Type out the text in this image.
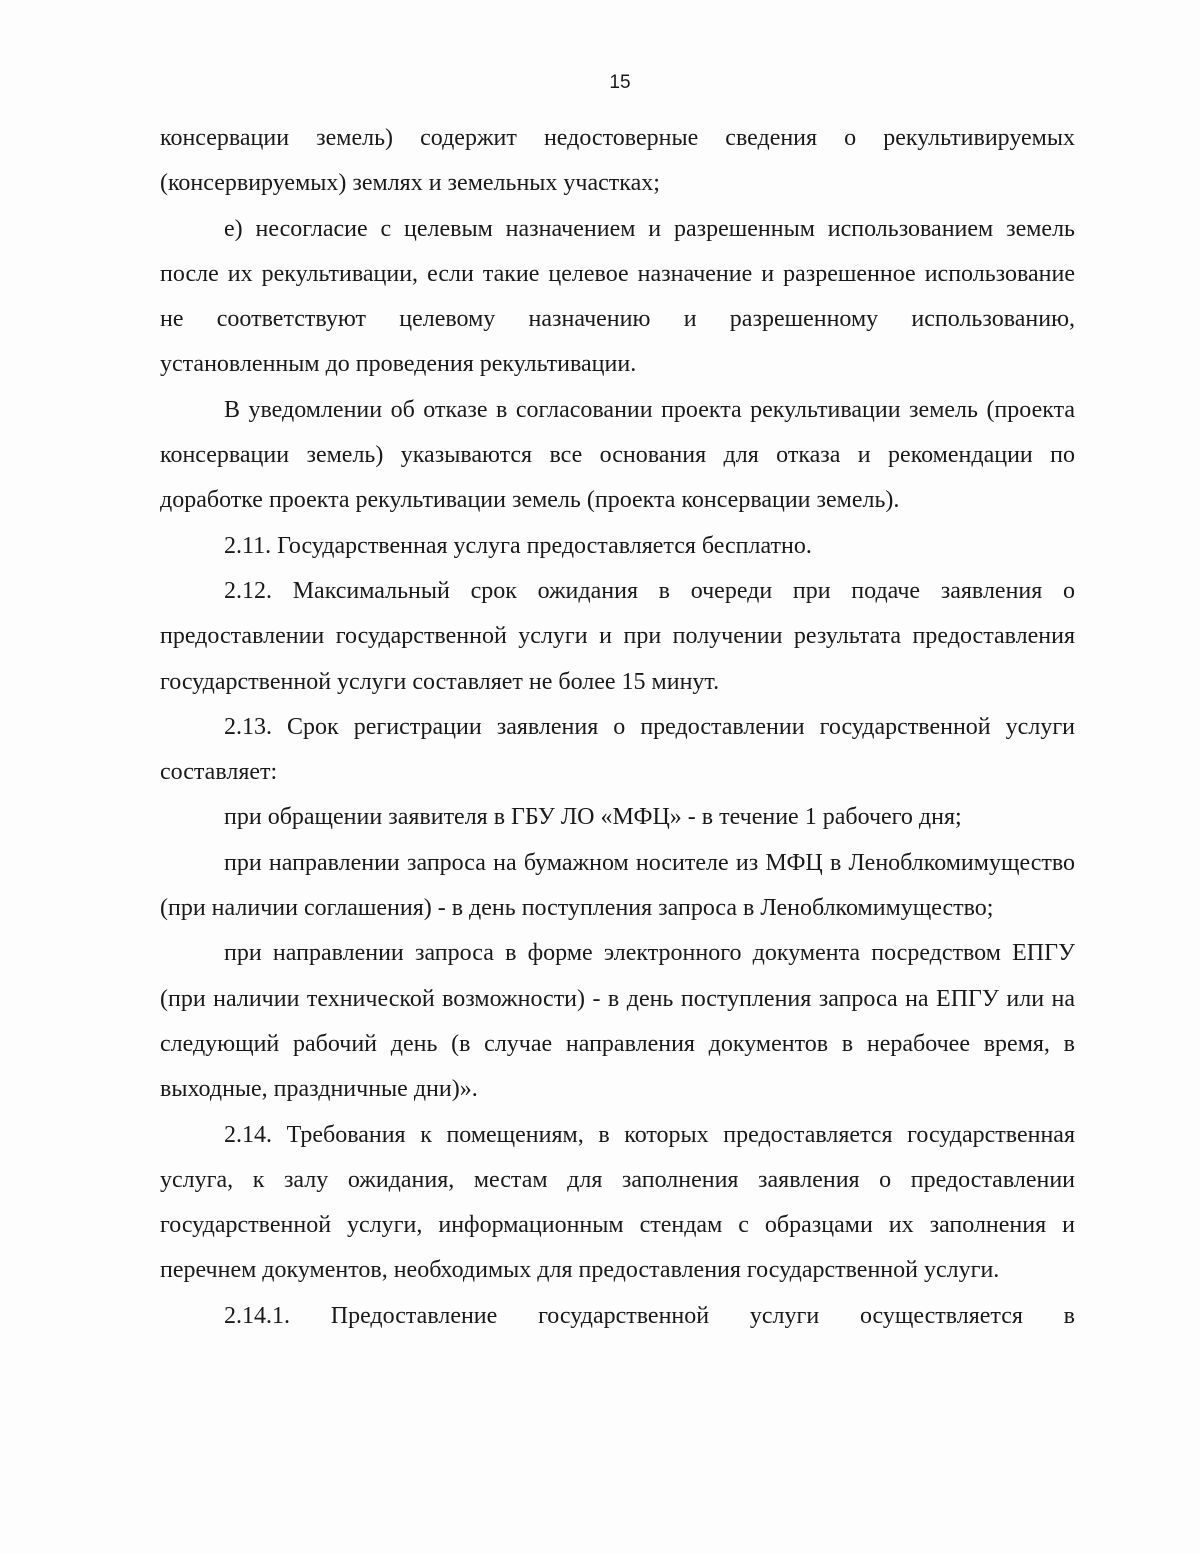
15

консервации земель) содержит недостоверные сведения о рекультивируемых (консервируемых) землях и земельных участках;

е) несогласие с целевым назначением и разрешенным использованием земель после их рекультивации, если такие целевое назначение и разрешенное использование не соответствуют целевому назначению и разрешенному использованию, установленным до проведения рекультивации.

В уведомлении об отказе в согласовании проекта рекультивации земель (проекта консервации земель) указываются все основания для отказа и рекомендации по доработке проекта рекультивации земель (проекта консервации земель).

2.11. Государственная услуга предоставляется бесплатно.

2.12. Максимальный срок ожидания в очереди при подаче заявления о предоставлении государственной услуги и при получении результата предоставления государственной услуги составляет не более 15 минут.

2.13. Срок регистрации заявления о предоставлении государственной услуги составляет:

при обращении заявителя в ГБУ ЛО «МФЦ» - в течение 1 рабочего дня;

при направлении запроса на бумажном носителе из МФЦ в Леноблкомимущество (при наличии соглашения) - в день поступления запроса в Леноблкомимущество;

при направлении запроса в форме электронного документа посредством ЕПГУ (при наличии технической возможности) - в день поступления запроса на ЕПГУ или на следующий рабочий день (в случае направления документов в нерабочее время, в выходные, праздничные дни)».

2.14. Требования к помещениям, в которых предоставляется государственная услуга, к залу ожидания, местам для заполнения заявления о предоставлении государственной услуги, информационным стендам с образцами их заполнения и перечнем документов, необходимых для предоставления государственной услуги.

2.14.1. Предоставление государственной услуги осуществляется в
